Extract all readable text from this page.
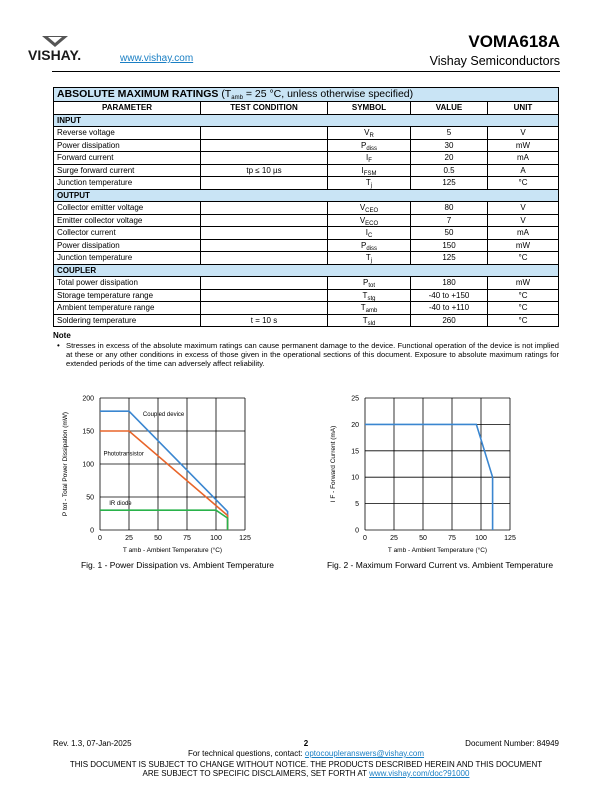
VISHAY.	www.vishay.com
VOMA618A
Vishay Semiconductors
ABSOLUTE MAXIMUM RATINGS ($T_{amb} = 25$ °C, unless otherwise specified)				
PARAMETER	TEST CONDITION	SYMBOL	VALUE	UNIT
INPUT				
Reverse voltage		$V_R$	5	V
Power dissipation		$P_{diss}$	30	mW
Forward current		$I_F$	20	mA
Surge forward current	tp ≤ 10 µs	$I_{FSM}$	0.5	A
Junction temperature		$T_j$	125	°C
OUTPUT				
Collector emitter voltage		$V_{CEO}$	80	V
Emitter collector voltage		$V_{ECO}$	7	V
Collector current		$I_C$	50	mA
Power dissipation		$P_{diss}$	150	mW
Junction temperature		$T_j$	125	°C
COUPLER				
Total power dissipation		$P_{tot}$	180	mW
Storage temperature range		$T_{stg}$	-40 to +150	°C
Ambient temperature range		$T_{amb}$	-40 to +110	°C
Soldering temperature	t = 10 s	$T_{sld}$	260	°C
Note
• Stresses in excess of the absolute maximum ratings can cause permanent damage to the device. Functional operation of the device is not implied at these or any other conditions in excess of those given in the operational sections of this document. Exposure to absolute maximum ratings for extended periods of the time can adversely affect reliability.
0	25	50	75	100 125
0
50
100
150
200
Coupled device
Phototransistor
IR diode
T amb - Ambient Temperature (°C)
P tot - Total Power Dissipation (mW)
0	25	50	75	100 125
0
5
10
15
20
25
T amb - Ambient Temperature (°C)
I F - Forward Current (mA)
Fig. 1 - Power Dissipation vs. Ambient Temperature	Fig. 2 - Maximum Forward Current vs. Ambient Temperature
Rev. 1.3, 07-Jan-2025	2	Document Number: 84949
For technical questions, contact: optocoupleranswers@vishay.com
THIS DOCUMENT IS SUBJECT TO CHANGE WITHOUT NOTICE. THE PRODUCTS DESCRIBED HEREIN AND THIS DOCUMENT
ARE SUBJECT TO SPECIFIC DISCLAIMERS, SET FORTH AT www.vishay.com/doc?91000
